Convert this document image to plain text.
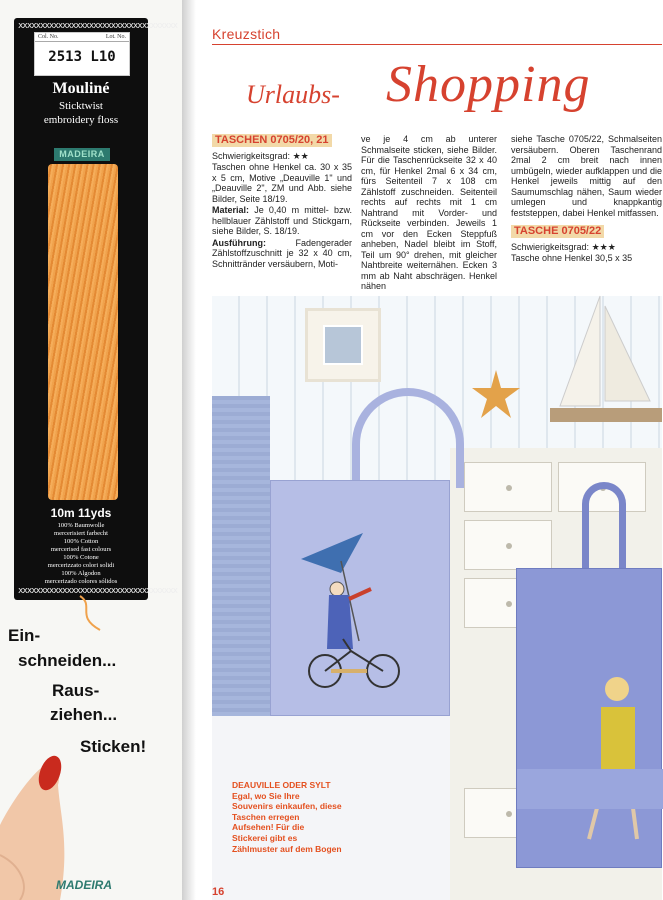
xxxxxxxxxxxxxxxxxxxxxxxxxxxxxxxxxxxx
xxxxxxxxxxxxxxxxxxxxxxxxxxxxxxxxxxxx
Col. No.	Lot. No.
2513 L10
Mouliné
Sticktwist
embroidery floss
MADEIRA
10m 11yds
100% Baumwolle
mercerisiert farbecht
100% Cotton
mercerised fast colours
100% Cotone
mercerizzato colori solidi
100% Algodon
mercerizado colores sólidos
Ein-
schneiden...
Raus-
ziehen...
Sticken!
MADEIRA
Kreuzstich
Urlaubs- Shopping
TASCHEN 0705/20, 21

Schwierigkeitsgrad: ★★

Taschen ohne Henkel ca. 30 x 35 x 5 cm, Motive „Deauville 1" und „Deauville 2", ZM und Abb. siehe Bilder, Seite 18/19.

Material: Je 0,40 m mittel- bzw. hellblauer Zählstoff und Stickgarn, siehe Bilder, S. 18/19.

Ausführung:	Fadengerader Zählstoffzuschnitt je 32 x 40 cm, Schnittränder versäubern, Moti-

ve je 4 cm ab unterer Schmalseite sticken, siehe Bilder. Für die Taschenrückseite 32 x 40 cm, für Henkel 2mal 6 x 34 cm, fürs Seitenteil 7 x 108 cm Zählstoff zuschneiden. Seitenteil rechts auf rechts mit 1 cm Nahtrand mit Vorder- und Rückseite verbinden. Jeweils 1 cm vor den Ecken Steppfuß anheben, Nadel bleibt im Stoff, Teil um 90° drehen, mit gleicher Nahtbreite weiternähen. Ecken 3 mm ab Naht abschrägen. Henkel nähen

siehe Tasche 0705/22, Schmalseiten versäubern. Oberen Taschenrand 2mal 2 cm breit nach innen umbügeln, wieder aufklappen und die Henkel jeweils mittig auf den Saumumschlag nähen, Saum wieder umlegen und knappkantig feststeppen, dabei Henkel mitfassen.

TASCHE 0705/22

Schwierigkeitsgrad: ★★★

Tasche ohne Henkel 30,5 x 35

DEAUVILLE ODER SYLT Egal, wo Sie Ihre Souvenirs einkaufen, diese Taschen erregen Aufsehen! Für die Stickerei gibt es Zählmuster auf dem Bogen
16
